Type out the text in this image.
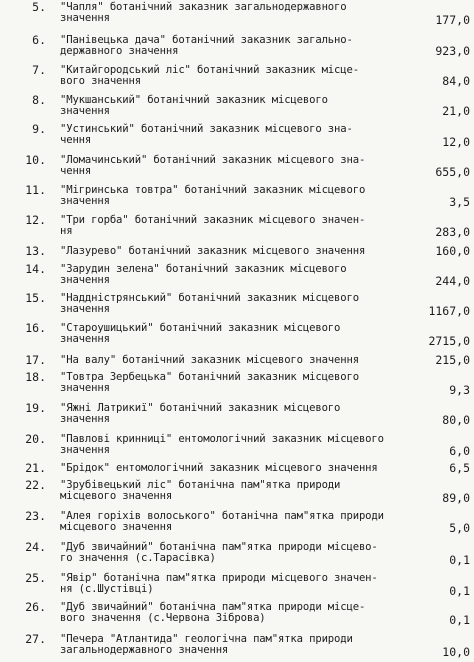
5. "Чапля" ботанічний заказник загальнодержавного
значення	177,0
6. "Панівецька дача" ботанічний заказник загально-
державного значення	923,0
7. "Китайгородський ліс" ботанічний заказник місце-
вого значення	84,0
8. "Мукшанський" ботанічний заказник місцевого
значення	21,0
9. "Устинський" ботанічний заказник місцевого зна-
чення	12,0
10. "Ломачинський" ботанічний заказник місцевого зна-
чення	655,0
11. "Мігринська товтра" ботанічний заказник місцевого
значення	3,5
12. "Три горба" ботанічний заказник місцевого значен-
ня	283,0
13. "Лазурево" ботанічний заказник місцевого значення	160,0
14. "Зарудин зелена" ботанічний заказник місцевого
значення	244,0
15. "Наддністрянський" ботанічний заказник місцевого
значення	1167,0
16. "Староушицький" ботанічний заказник місцевого
значення	2715,0
17. "На валу" ботанічний заказник місцевого значення	215,0
18. "Товтра Зербецька" ботанічний заказник місцевого
значення	9,3
19. "Яжні Латрикиї" ботанічний заказник місцевого
значення	80,0
20. "Павлові кринниці" ентомологічний заказник місцевого
значення	6,0
21. "Брідок" ентомологічний заказник місцевого значення	6,5
22. "Зрубівецький ліс" ботанічна пам"ятка природи
місцевого значення	89,0
23. "Алея горіхів волоського" ботанічна пам"ятка природи
місцевого значення	5,0
24. "Дуб звичайний" ботанічна пам"ятка природи місцево-
го значення (с.Тарасівка)	0,1
25. "Явір" ботанічна пам"ятка природи місцевого значен-
ня (с.Шустівці)	0,1
26. "Дуб звичайний" ботанічна пам"ятка природи місце-
вого значення (с.Червона Зіброва)	0,1
27. "Печера "Атлантида" геологічна пам"ятка природи
загальнодержавного значення	10,0
